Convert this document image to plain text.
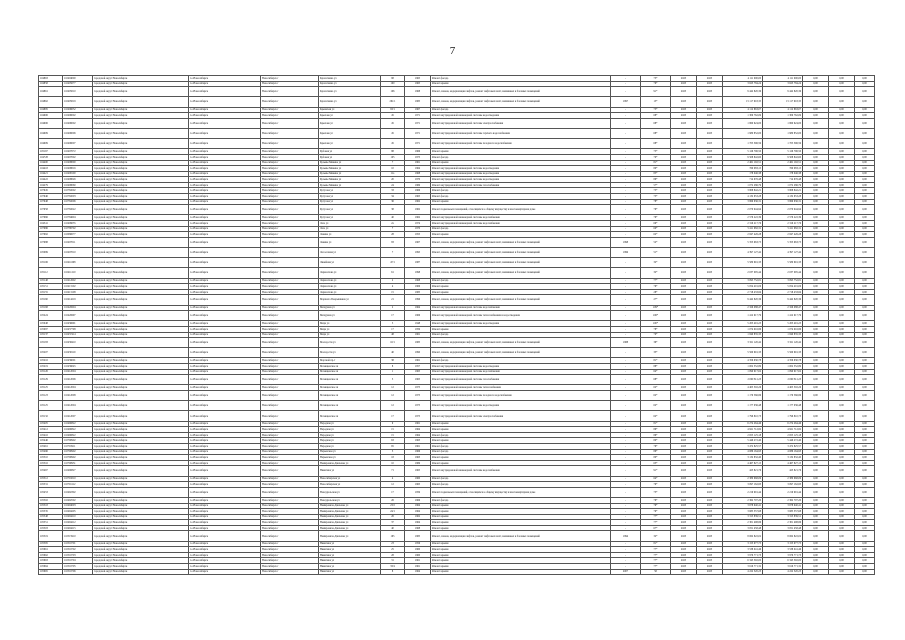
7
104863	110404000	городской округ Новосибирск	г.о.Новосибирск	Новосибирск г	Кропоткина ул	98	1965	Ремонт фасада	-	73*	2023	2023	4 111 000,00	4 111 000,00	0,00	0,00	0,00
104858	110405077	городской округ Новосибирск	г.о.Новосибирск	Новосибирск г	Кропоткина ул	100	1965	Ремонт крыши	-	76*	2023	2023	3 623 784,24	3 623 784,24	0,00	0,00	0,00
104861	110405010	городской округ Новосибирск	г.о.Новосибирск	Новосибирск г	Кропоткина ул	106	1968	Ремонт, замена, модернизация лифтов, ремонт лифтовых шахт, машинных и блочных помещений	-	91*	2023	2023	9 442 820,36	9 442 820,36	0,00	0,00	0,00
104862	110405019	городской округ Новосибирск	г.о.Новосибирск	Новосибирск г	Кропоткина ул	261/1	1985	Ремонт, замена, модернизация лифтов, ремонт лифтовых шахт, машинных и блочных помещений	1997	15*	2023	2023	15 117 918,35	15 117 918,35	0,00	0,00	0,00
104885	110406052	городской округ Новосибирск	г.о.Новосибирск	Новосибирск г	Крымская ул	93/1	1967	Ремонт фасада	-	73*	2023	2023	4 112 863,07	4 112 863,07	0,00	0,00	0,00
104906	110406002	городской округ Новосибирск	г.о.Новосибирск	Новосибирск г	Крылова ул	45	1971	Ремонт внутридомовой инженерной системы водоотведения	-	68*	2023	2023	1 309 762,09	1 309 762,09	0,00	0,00	0,00
104906	110406002	городской округ Новосибирск	г.о.Новосибирск	Новосибирск г	Крылова ул	45	1971	Ремонт внутридомовой инженерной системы электроснабжения	-	68*	2023	2023	1 860 624,00	1 860 624,00	0,00	0,00	0,00
104909	110406006	городской округ Новосибирск	г.о.Новосибирск	Новосибирск г	Крылова ул	45	1971	Ремонт внутридомовой инженерной системы горячего водоснабжения	-	68*	2023	2023	1 980 852,00	1 980 852,00	0,00	0,00	0,00
104909	110406007	городской округ Новосибирск	г.о.Новосибирск	Новосибирск г	Крылова ул	45	1971	Ремонт внутридомовой инженерной системы холодного водоснабжения	-	68*	2023	2023	1 705 396,59	1 705 396,59	0,00	0,00	0,00
105167	110407072	городской округ Новосибирск	г.о.Новосибирск	Новосибирск г	Кубовая ул	88	1966	Ремонт крыши	-	75*	2023	2023	5 126 796,50	5 126 796,50	0,00	0,00	0,00
104728	110407002	городской округ Новосибирск	г.о.Новосибирск	Новосибирск г	Кубовая ул	105	1975	Ремонт фасада	-	70*	2023	2023	9 508 842,60	9 508 842,60	0,00	0,00	0,00
104400	110408000	городской округ Новосибирск	г.о.Новосибирск	Новосибирск г	Кузьмы Минина ул	7	1961	Ремонт крыши	-	81*	2023	2023	2 461 192,51	2 461 192,51	0,00	0,00	0,00
104418	110408016	городской округ Новосибирск	г.о.Новосибирск	Новосибирск г	Кузьмы Минина ул	10	1964	Ремонт внутридомовой инженерной системы водоотведения	-	80*	2023	2023	760 083,15	760 083,15	0,00	0,00	0,00
104421	110408100	городской округ Новосибирск	г.о.Новосибирск	Новосибирск г	Кузьмы Минина ул	11a	1968	Ремонт внутридомовой инженерной системы водоотведения	-	85*	2023	2023	178 046,38	178 046,38	0,00	0,00	0,00
104422	110408026	городской округ Новосибирск	г.о.Новосибирск	Новосибирск г	Кузьмы Минина ул	20	1970	Ремонт внутридомовой инженерной системы водоотведения	-	86*	2023	2023	714 676,48	714 676,48	0,00	0,00	0,00
104279	110408060	городской округ Новосибирск	г.о.Новосибирск	Новосибирск г	Кузьмы Минина ул	24	1969	Ремонт внутридомовой инженерной системы газоснабжения	-	57*	2023	2023	1 072 286,79	1 072 286,79	0,00	0,00	0,00
107945	110784502	городской округ Новосибирск	г.о.Новосибирск	Новосибирск г	Кутузова ул	33	1966	Ремонт фасада	-	75*	2023	2023	3 808 842,21	3 808 842,21	0,00	0,00	0,00
107946	110784503	городской округ Новосибирск	г.о.Новосибирск	Новосибирск г	Кутузова ул	34	1965	Ремонт фасада	-	75*	2023	2023	4 132 653,28	4 132 653,28	0,00	0,00	0,00
107948	110784506	городской округ Новосибирск	г.о.Новосибирск	Новосибирск г	Кутузова ул	36	1962	Ремонт крыши	-	78*	2023	2023	3 869 636,31	3 869 636,31	0,00	0,00	0,00
107958	110784522	городской округ Новосибирск	г.о.Новосибирск	Новосибирск г	Кутузова ул	38	1962	Ремонт подвальных помещений, относящихся к общему имуществу в многоквартирном доме	-	76*	2023	2023	2 070 944,94	2 070 944,94	0,00	0,00	0,00
107966	110784604	городской округ Новосибирск	г.о.Новосибирск	Новосибирск г	Кутузова ул	40	1962	Ремонт внутридомовой инженерной системы водоснабжения	-	76*	2023	2023	2 576 222,39	2 576 222,39	0,00	0,00	0,00
104541	110409035	городской округ Новосибирск	г.о.Новосибирск	Новосибирск г	Лазо ул	2a	1974	Ремонт внутридомовой инженерной системы водоснабжения	-	69*	2023	2023	2 316 217,76	2 316 217,76	0,00	0,00	0,00
107986	110789702	городской округ Новосибирск	г.о.Новосибирск	Новосибирск г	Лазо ул	7	1970	Ремонт фасада	-	60*	2023	2023	5 411 982,31	5 411 982,31	0,00	0,00	0,00
107992	110080077	городской округ Новосибирск	г.о.Новосибирск	Новосибирск г	Ленина ул	28	1955	Ремонт крыши	-	62*	2023	2023	2 847 426,28	2 847 426,28	0,00	0,00	0,00
107988	110407011	городской округ Новосибирск	г.о.Новосибирск	Новосибирск г	Ленина ул	83	1967	Ремонт, замена, модернизация лифтов, ремонт лифтовых шахт, машинных и блочных помещений	1998	52*	2023	2023	5 353 963,75	5 353 963,75	0,00	0,00	0,00
105099	110407010	городской округ Новосибирск	г.о.Новосибирск	Новосибирск г	Лесосечная ул	7	1995	Ремонт, замена, модернизация лифтов, ремонт лифтовых шахт, машинных и блочных помещений	1999	51*	2023	2023	4 397 127,42	4 397 127,42	0,00	0,00	0,00
105106	110411608	городской округ Новосибирск	г.о.Новосибирск	Новосибирск г	Линейная ул	47/1	1987	Ремонт, замена, модернизация лифтов, ремонт лифтовых шахт, машинных и блочных помещений	-	32*	2023	2023	5 580 691,33	5 580 691,33	0,00	0,00	0,00
105112	110411210	городской округ Новосибирск	г.о.Новосибирск	Новосибирск г	Лермонтова ул	61	1998	Ремонт, замена, модернизация лифтов, ремонт лифтовых шахт, машинных и блочных помещений	-	32*	2023	2023	2 037 095,44	2 037 095,44	0,00	0,00	0,00
105148	110412602	городской округ Новосибирск	г.о.Новосибирск	Новосибирск г	Лермонтова ул	2	1968	Ремонт фасада	-	77*	2023	2023	3 095 752,81	3 095 752,81	0,00	0,00	0,00
105151	110413102	городской округ Новосибирск	г.о.Новосибирск	Новосибирск г	Лермонтова ул	4	1966	Ремонт крыши	-	76*	2023	2023	5 054 401,06	5 054 401,06	0,00	0,00	0,00
105155	110413108	городской округ Новосибирск	г.о.Новосибирск	Новосибирск г	Лермонтова ул	15	1985	Ремонт крыши	-	28*	2023	2023	2 718 433,84	2 718 433,84	0,00	0,00	0,00
105160	110414219	городской округ Новосибирск	г.о.Новосибирск	Новосибирск г	Маршала Покрышкина ул	21	1996	Ремонт, замена, модернизация лифтов, ремонт лифтовых шахт, машинных и блочных помещений	-	27*	2023	2023	9 442 820,36	9 442 820,36	0,00	0,00	0,00
105168	110420604	городской округ Новосибирск	г.о.Новосибирск	Новосибирск г	Мичурина ул	2	1964	Ремонт внутридомовой инженерной системы водоснабжения	-	109*	2023	2023	2 326 088,47	2 326 088,47	0,00	0,00	0,00
105224	110420697	городской округ Новосибирск	г.о.Новосибирск	Новосибирск г	Мичурина ул	17	1966	Ремонт внутридомовой инженерной системы теплоснабжения и водоотведения	-	106*	2023	2023	1 412 917,79	1 412 917,79	0,00	0,00	0,00
105048	110436691	городской округ Новосибирск	г.о.Новосибирск	Новосибирск г	Мира ул	5	1948	Ремонт внутридомовой инженерной системы водоотведения	-	100*	2023	2023	5 203 491,23	5 203 491,23	0,00	0,00	0,00
105097	110437798	городской округ Новосибирск	г.о.Новосибирск	Новосибирск г	Мира ул	17	1959	Ремонт крыши	-	78*	2023	2023	1 074 916,86	1 074 916,86	0,00	0,00	0,00
105137	110437414	городской округ Новосибирск	г.о.Новосибирск	Новосибирск г	Мира ул	48	1961	Ремонт фасада	-	70*	2023	2023	1 840 835,35	1 840 835,35	0,00	0,00	0,00
105183	110438410	городской округ Новосибирск	г.о.Новосибирск	Новосибирск г	Молодости ул	10/1	1985	Ремонт, замена, модернизация лифтов, ремонт лифтовых шахт, машинных и блочных помещений	1988	36*	2023	2023	3 321 120,42	3 321 120,42	0,00	0,00	0,00
105207	110438119	городской округ Новосибирск	г.о.Новосибирск	Новосибирск г	Молодости ул	40	1990	Ремонт, замена, модернизация лифтов, ремонт лифтовых шахт, машинных и блочных помещений	-	33*	2023	2023	5 560 691,33	5 560 691,33	0,00	0,00	0,00
105216	110439001	городской округ Новосибирск	г.о.Новосибирск	Новосибирск г	Морской пр-т	38	1961	Ремонт фасада	-	81*	2023	2023	4 356 630,78	4 356 630,78	0,00	0,00	0,00
105219	110439045	городской округ Новосибирск	г.о.Новосибирск	Новосибирск г	Мочищенское ш	8	1957	Ремонт внутридомовой инженерной системы водоотведения	-	88*	2023	2023	1 002 352,89	1 002 352,89	0,00	0,00	0,00
105126	110412004	городской округ Новосибирск	г.о.Новосибирск	Новосибирск г	Мочищенское ш	1	1965	Ремонт внутридомовой инженерной системы водоснабжения	-	64*	2023	2023	1 090 917,62	1 090 917,62	0,00	0,00	0,00
105129	110412006	городской округ Новосибирск	г.о.Новосибирск	Новосибирск г	Мочищенское ш	3	1965	Ремонт внутридомовой инженерной системы газоснабжения	-	68*	2023	2023	2 060 811,23	2 060 811,23	0,00	0,00	0,00
105125	110412004	городской округ Новосибирск	г.о.Новосибирск	Новосибирск г	Мочищенское ш	12	1975	Ремонт внутридомовой инженерной системы теплоснабжения	-	62*	2023	2023	4 405 302,26	4 405 302,26	0,00	0,00	0,00
105123	110412008	городской округ Новосибирск	г.о.Новосибирск	Новосибирск г	Мочищенское ш	12	1975	Ремонт внутридомовой инженерной системы холодного водоснабжения	-	62*	2023	2023	1 179 566,86	1 179 566,86	0,00	0,00	0,00
105125	110412004	городской округ Новосибирск	г.о.Новосибирск	Новосибирск г	Мочищенское ш	12	1975	Ремонт внутридомовой инженерной системы водоотведения	-	62*	2023	2023	1 177 036,48	1 177 036,48	0,00	0,00	0,00
105132	110412007	городской округ Новосибирск	г.о.Новосибирск	Новосибирск г	Мочищенское ш	17	1975	Ремонт внутридомовой инженерной системы электроснабжения	-	62*	2023	2023	1 796 810,73	1 796 810,73	0,00	0,00	0,00
105405	110490822	городской округ Новосибирск	г.о.Новосибирск	Новосибирск г	Народная ул	9	1961	Ремонт крыши	-	81*	2023	2023	6 274 264,46	6 274 264,46	0,00	0,00	0,00
105412	110490822	городской округ Новосибирск	г.о.Новосибирск	Новосибирск г	Народная ул	15	1964	Ремонт крыши	-	86*	2023	2023	4 921 712,82	4 921 712,82	0,00	0,00	0,00
105416	110490822	городской округ Новосибирск	г.о.Новосибирск	Новосибирск г	Народная ул	15	1964	Ремонт фасада	-	86*	2023	2023	2 655 125,18	2 655 125,18	0,00	0,00	0,00
105446	110790902	городской округ Новосибирск	г.о.Новосибирск	Новосибирск г	Народная ул	63	1963	Ремонт крыши	-	80*	2023	2023	5 446 272,40	5 446 272,40	0,00	0,00	0,00
105461	110791911	городской округ Новосибирск	г.о.Новосибирск	Новосибирск г	Народная ул	65	1961	Ремонт фасада	-	76*	2023	2023	3 472 825,57	3 472 825,57	0,00	0,00	0,00
105496	110790902	городской округ Новосибирск	г.о.Новосибирск	Новосибирск г	Нарымская ул	3	1966	Ремонт фасада	-	86*	2023	2023	4 086 164,93	4 086 164,93	0,00	0,00	0,00
105510	110790902	городской округ Новосибирск	г.о.Новосибирск	Новосибирск г	Нарымская ул	18	1963	Ремонт крыши	-	80*	2023	2023	3 132 832,40	3 132 832,40	0,00	0,00	0,00
105516	110790931	городской округ Новосибирск	г.о.Новосибирск	Новосибирск г	Немировича-Данченко ул	10	1969	Ремонт крыши	-	63*	2023	2023	4 467 827,15	4 467 827,15	0,00	0,00	0,00
105467	110490827	городской округ Новосибирск	г.о.Новосибирск	Новосибирск г	Никитина ул	71	1965	Ремонт внутридомовой инженерной системы водоснабжения	-	91*	2023	2023	423 821,76	423 821,76	0,00	0,00	0,00
105512	110791010	городской округ Новосибирск	г.о.Новосибирск	Новосибирск г	Новосибирская ул	4	1960	Ремонт фасада	-	64*	2023	2023	2 380 668,09	2 380 668,09	0,00	0,00	0,00
105531	110791112	городской округ Новосибирск	г.о.Новосибирск	Новосибирск г	Новосибирская ул	12	1965	Ремонт фасада	-	79*	2023	2023	3 097 162,83	3 097 162,83	0,00	0,00	0,00
105453	110492302	городской округ Новосибирск	г.о.Новосибирск	Новосибирск г	Новоуральская ул	17	1959	Ремонт подвальных помещений, относящихся к общему имуществу в многоквартирном доме	-	73*	2023	2023	2 219 991,44	2 219 991,44	0,00	0,00	0,00
105502	110492502	городской округ Новосибирск	г.о.Новосибирск	Новосибирск г	Новоуральская ул	26	1966	Ремонт фасада	-	76*	2023	2023	2 362 707,20	2 362 707,20	0,00	0,00	0,00
105518	110494003	городской округ Новосибирск	г.о.Новосибирск	Новосибирск г	Немировича-Данченко ул	23/2	1964	Ремонт крыши	-	79*	2023	2023	3 678 940,41	3 678 940,41	0,00	0,00	0,00
105535	110494205	городской округ Новосибирск	г.о.Новосибирск	Новосибирск г	Немировича-Данченко ул	24/1	1964	Ремонт крыши	-	79*	2023	2023	3 685 357,68	3 685 357,68	0,00	0,00	0,00
105548	110494210	городской округ Новосибирск	г.о.Новосибирск	Новосибирск г	Немировича-Данченко ул	26	1962	Ремонт крыши	-	77*	2023	2023	3 315 839,51	3 315 839,51	0,00	0,00	0,00
105551	110494212	городской округ Новосибирск	г.о.Новосибирск	Новосибирск г	Немировича-Данченко ул	37	1964	Ремонт крыши	-	77*	2023	2023	2 301 498,86	2 301 498,86	0,00	0,00	0,00
105503	110494215	городской округ Новосибирск	г.о.Новосибирск	Новосибирск г	Немировича-Данченко ул	40	1968	Ремонт крыши	-	67*	2023	2023	3 051 458,48	3 051 458,48	0,00	0,00	0,00
105519	110515910	городской округ Новосибирск	г.о.Новосибирск	Новосибирск г	Немировича-Данченко ул	165	1985	Ремонт, замена, модернизация лифтов, ремонт лифтовых шахт, машинных и блочных помещений	1994	32*	2023	2023	8 062 822,02	8 062 822,02	0,00	0,00	0,00
105595	110516701	городской округ Новосибирск	г.о.Новосибирск	Новосибирск г	Никитина ул	23	1956	Ремонт крыши	-	81*	2023	2023	3 153 977,75	3 153 977,75	0,00	0,00	0,00
105661	110516702	городской округ Новосибирск	г.о.Новосибирск	Новосибирск г	Никитина ул	25	1960	Ремонт крыши	-	77*	2023	2023	3 538 041,46	3 538 041,46	0,00	0,00	0,00
105662	110516703	городской округ Новосибирск	г.о.Новосибирск	Новосибирск г	Никитина ул	28	1960	Ремонт крыши	-	77*	2023	2023	3 976 771,73	3 976 771,73	0,00	0,00	0,00
105663	110516704	городской округ Новосибирск	г.о.Новосибирск	Новосибирск г	Никитина ул	31	1961	Ремонт крыши	-	77*	2023	2023	6 343 392,00	6 343 392,00	0,00	0,00	0,00
105664	110516705	городской округ Новосибирск	г.о.Новосибирск	Новосибирск г	Никитина ул	33/4	1961	Ремонт крыши	-	77*	2023	2023	3 616 771,32	3 616 771,32	0,00	0,00	0,00
105665	110516706	городской округ Новосибирск	г.о.Новосибирск	Новосибирск г	Никитина ул	8	1964	Ремонт крыши	2007	58	2023	2023	4 222 320,23	4 222 320,23	0,00	0,00	0,00
